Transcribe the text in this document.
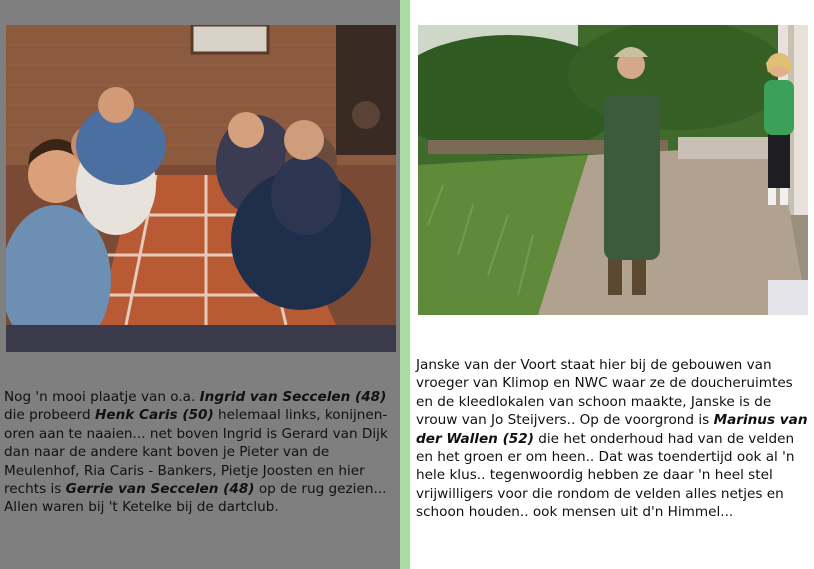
Nog 'n mooi plaatje van o.a. Ingrid van Seccelen (48) die probeerd Henk Caris (50) helemaal links, konijnen-oren aan te naaien... net boven Ingrid is Gerard van Dijk dan naar de andere kant boven je Pieter van de Meulenhof, Ria Caris - Bankers, Pietje Joosten en hier rechts is Gerrie van Seccelen (48) op de rug gezien... Allen waren bij 't Ketelke bij de dartclub.

Janske van der Voort staat hier bij de gebouwen van vroeger van Klimop en NWC waar ze de doucheruimtes en de kleedlokalen van schoon maakte, Janske is de vrouw van Jo Steijvers.. Op de voorgrond is Marinus van der Wallen (52) die het onderhoud had van de velden en het groen er om heen.. Dat was toendertijd ook al 'n hele klus.. tegenwoordig hebben ze daar 'n heel stel vrijwilligers voor die rondom de velden alles netjes en schoon houden.. ook mensen uit d'n Himmel...
